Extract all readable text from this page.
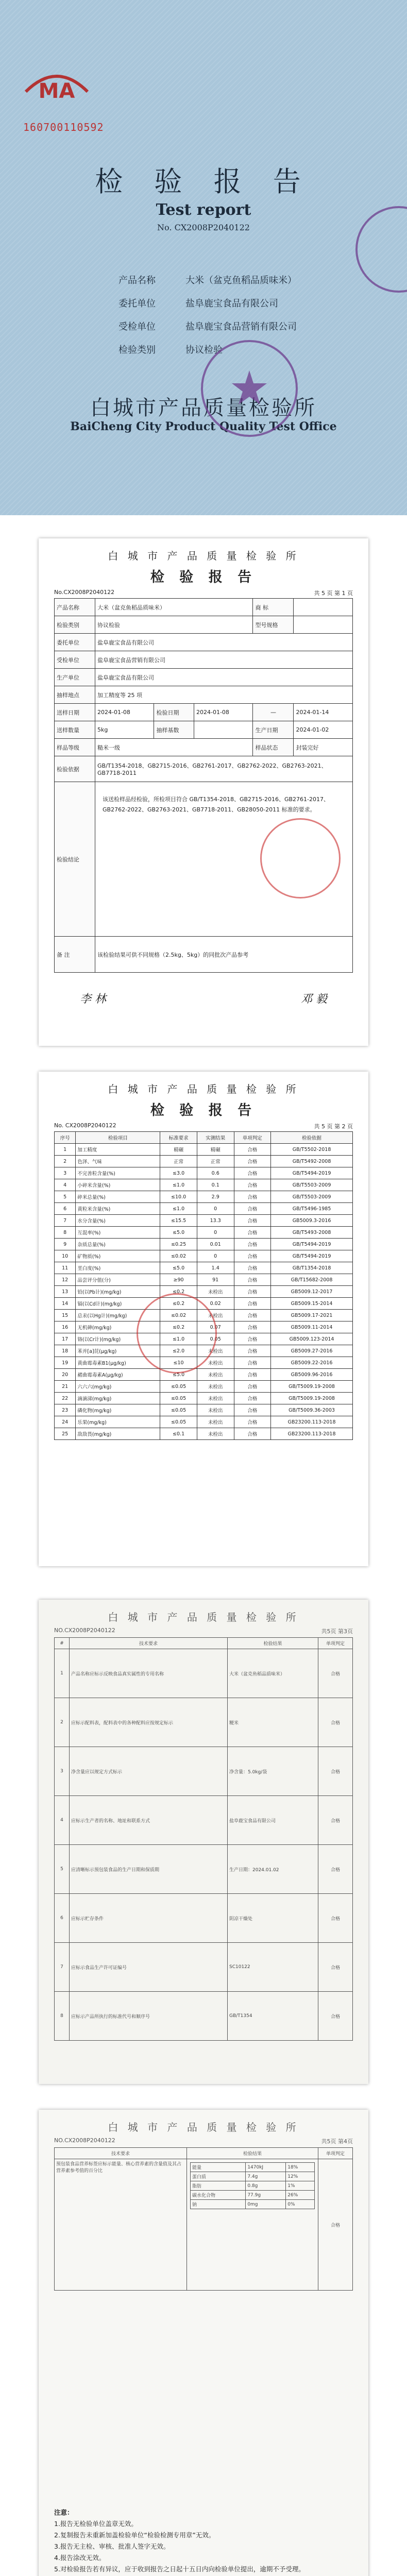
MA
160700110592
检 验 报 告
Test report
No. CX2008P2040122
产品名称	大米（盆克鱼稻品质味米）
委托单位	盐阜鹿宝食品有限公司
受检单位	盐阜鹿宝食品营销有限公司
检验类别	协议检验
白城市产品质量检验所
BaiCheng City Product Quality Test Office
白 城 市 产 品 质 量 检 验 所
检 验 报 告
No.CX2008P2040122	共 5 页 第 1 页
产品名称	大米（盆克鱼稻品质味米）			商 标	
检验类别	协议检验			型号规格	
委托单位	盐阜鹿宝食品有限公司				
受检单位	盐阜鹿宝食品营销有限公司				
生产单位	盐阜鹿宝食品有限公司				
抽样地点	加工精度等 25 项				
送样日期	2024-01-08	检验日期	2024-01-08	—	2024-01-14
送样数量	5kg	抽样基数		生产日期	2024-01-02
样品等级	糙米一级			样品状态	封装完好
检验依据	GB/T1354-2018、GB2715-2016、GB2761-2017、GB2762-2022、GB2763-2021、GB7718-2011				
检验结论	该送检样品经检验，所检项目符合 GB/T1354-2018、GB2715-2016、GB2761-2017、GB2762-2022、GB2763-2021、GB7718-2011、GB28050-2011 标准的要求。				

备 注	该检验结果可供不同规格（2.5kg、5kg）的同批次产品参考				
李 林	邓 毅
白 城 市 产 品 质 量 检 验 所
检 验 报 告
No. CX2008P2040122	共 5 页 第 2 页
序号	检验项目	标准要求	实测结果	单项判定	检验依据
1	加工精度	精碾	精碾	合格	GB/T5502-2018
2	色泽、气味	正常	正常	合格	GB/T5492-2008
3	不完善粒含量(%)	≤3.0	0.6	合格	GB/T5494-2019
4	小碎米含量(%)	≤1.0	0.1	合格	GB/T5503-2009
5	碎米总量(%)	≤10.0	2.9	合格	GB/T5503-2009
6	黄粒米含量(%)	≤1.0	0	合格	GB/T5496-1985
7	水分含量(%)	≤15.5	13.3	合格	GB5009.3-2016
8	互混率(%)	≤5.0	0	合格	GB/T5493-2008
9	杂质总量(%)	≤0.25	0.01	合格	GB/T5494-2019
10	矿物质(%)	≤0.02	0	合格	GB/T5494-2019
11	垩白度(%)	≤5.0	1.4	合格	GB/T1354-2018
12	品尝评分值(分)	≥90	91	合格	GB/T15682-2008
13	铅(以Pb计)(mg/kg)	≤0.2	未检出	合格	GB5009.12-2017
14	镉(以Cd计)(mg/kg)	≤0.2	0.02	合格	GB5009.15-2014
15	总汞(以Hg计)(mg/kg)	≤0.02	未检出	合格	GB5009.17-2021
16	无机砷(mg/kg)	≤0.2	0.07	合格	GB5009.11-2014
17	铬(以Cr计)(mg/kg)	≤1.0	0.05	合格	GB5009.123-2014
18	苯并[a]芘(μg/kg)	≤2.0	未检出	合格	GB5009.27-2016
19	黄曲霉毒素B1(μg/kg)	≤10	未检出	合格	GB5009.22-2016
20	赭曲霉毒素A(μg/kg)	≤5.0	未检出	合格	GB5009.96-2016
21	六六六(mg/kg)	≤0.05	未检出	合格	GB/T5009.19-2008
22	滴滴涕(mg/kg)	≤0.05	未检出	合格	GB/T5009.19-2008
23	磷化物(mg/kg)	≤0.05	未检出	合格	GB/T5009.36-2003
24	乐果(mg/kg)	≤0.05	未检出	合格	GB23200.113-2018
25	敌敌畏(mg/kg)	≤0.1	未检出	合格	GB23200.113-2018
白 城 市 产 品 质 量 检 验 所
NO.CX2008P2040122	共5页 第3页
#	技术要求	检验结果	单项判定
1	产品名称应标示反映食品真实属性的专用名称	大米（盆克鱼稻品质味米）	合格
2	应标示配料表，配料表中的各种配料应按规定标示	粳米	合格
3	净含量应以规定方式标示	净含量：5.0kg/袋	合格
4	应标示生产者的名称、地址和联系方式	盐阜鹿宝食品有限公司	合格
5	应清晰标示预包装食品的生产日期和保质期	生产日期：2024.01.02	合格
6	应标示贮存条件	阴凉干燥处	合格
7	应标示食品生产许可证编号	SC10122	合格
8	应标示产品所执行的标准代号和顺序号	GB/T1354	合格
白 城 市 产 品 质 量 检 验 所
NO.CX2008P2040122	共5页 第4页
技术要求	检验结果	单项判定
预包装食品营养标签应标示能量、核心营养素的含量值及其占营养素参考值的百分比	
能量	1470kJ	18%
蛋白质	7.4g	12%
脂肪	0.8g	1%
碳水化合物	77.9g	26%
钠	0mg	0%
	合格
注意：
1.报告无检验单位盖章无效。
2.复制报告未重新加盖检验单位“检验检测专用章”无效。
3.报告无主检、审核、批准人签字无效。
4.报告涂改无效。
5.对检验报告若有异议，应于收到报告之日起十五日内向检验单位提出，逾期不予受理。
